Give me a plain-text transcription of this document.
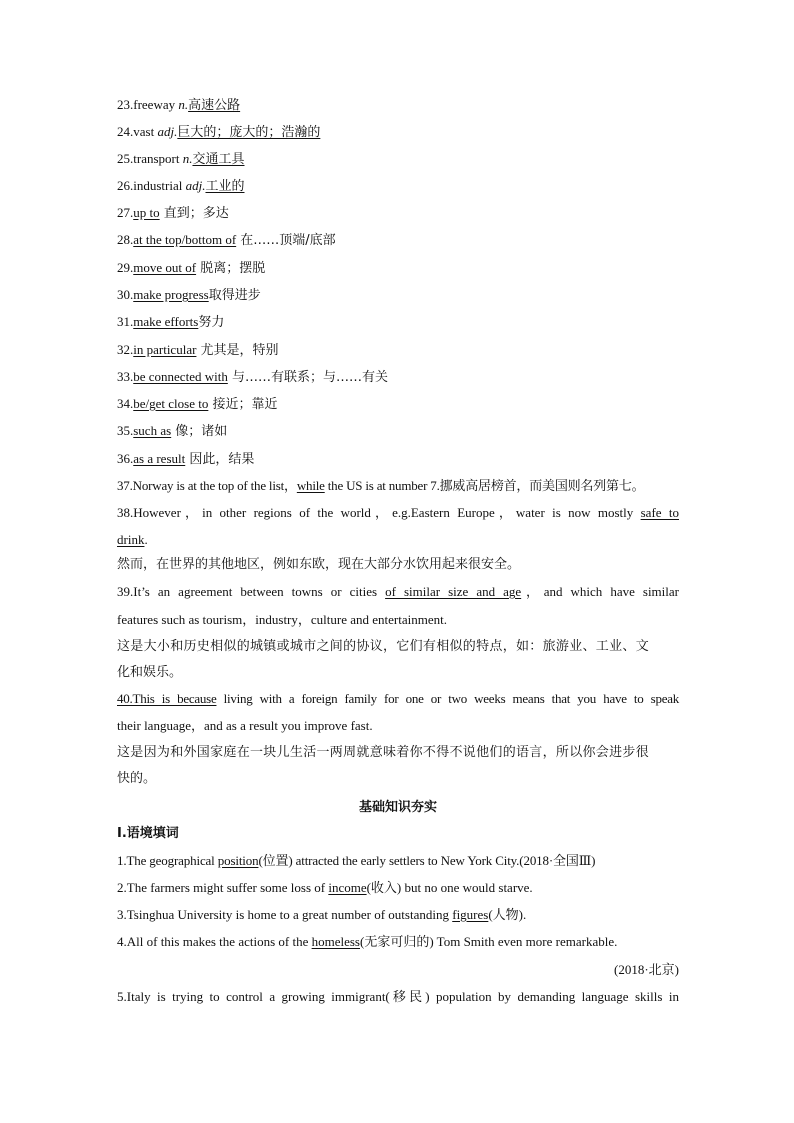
23.freeway n.高速公路
24.vast adj.巨大的；庞大的；浩瀚的
25.transport n.交通工具
26.industrial adj.工业的
27.up to 直到；多达
28.at the top/bottom of 在……顶端/底部
29.move out of 脱离；摆脱
30.make progress取得进步
31.make efforts努力
32.in particular 尤其是，特别
33.be connected with 与……有联系；与……有关
34.be/get close to 接近；靠近
35.such as 像；诸如
36.as a result 因此，结果
37.Norway is at the top of the list，while the US is at number 7.挪威高居榜首，而美国则名列第七。
38.However，in other regions of the world，e.g.Eastern Europe，water is now mostly safe to
drink.
然而，在世界的其他地区，例如东欧，现在大部分水饮用起来很安全。
39.It’s an agreement between towns or cities of similar size and age，and which have similar
features such as tourism，industry，culture and entertainment.
这是大小和历史相似的城镇或城市之间的协议，它们有相似的特点，如：旅游业、工业、文
化和娱乐。
40.This is because living with a foreign family for one or two weeks means that you have to speak
their language，and as a result you improve fast.
这是因为和外国家庭在一块儿生活一两周就意味着你不得不说他们的语言，所以你会进步很
快的。
基础知识夯实
Ⅰ.语境填词
1.The geographical position(位置) attracted the early settlers to New York City.(2018·全国Ⅲ)
2.The farmers might suffer some loss of income(收入) but no one would starve.
3.Tsinghua University is home to a great number of outstanding figures(人物).
4.All of this makes the actions of the homeless(无家可归的) Tom Smith even more remarkable.
(2018·北京)
5.Italy is trying to control a growing immigrant(移民) population by demanding language skills in
